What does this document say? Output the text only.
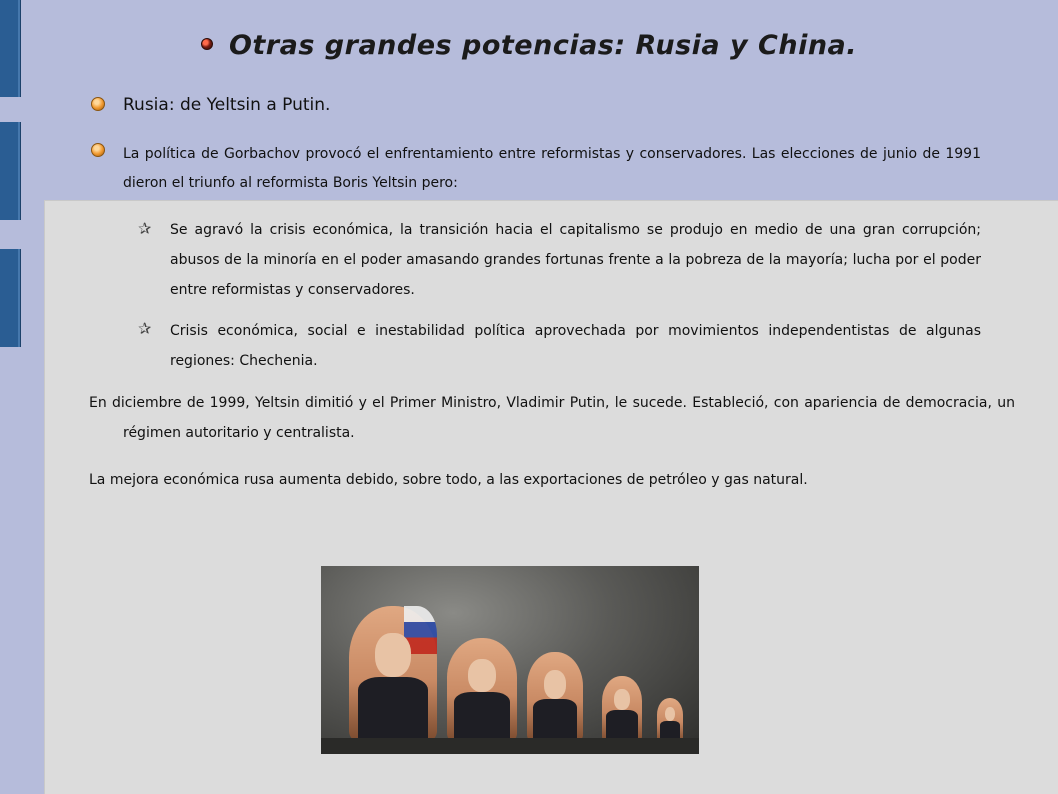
Otras grandes potencias: Rusia y China.
Rusia: de Yeltsin a Putin.
La política de Gorbachov provocó el enfrentamiento entre reformistas y conservadores. Las elecciones de junio de 1991 dieron el triunfo al reformista Boris Yeltsin pero:
✰ Se agravó la crisis económica, la transición hacia el capitalismo se produjo en medio de una gran corrupción; abusos de la minoría en el poder amasando grandes fortunas frente a la pobreza de la mayoría; lucha por el poder entre reformistas y conservadores.
✰ Crisis económica, social e inestabilidad política aprovechada por movimientos independentistas de algunas regiones: Chechenia.
En diciembre de 1999, Yeltsin dimitió y el Primer Ministro, Vladimir Putin, le sucede. Estableció, con apariencia de democracia, un régimen autoritario y centralista.
La mejora económica rusa aumenta debido, sobre todo, a las exportaciones de petróleo y gas natural.
